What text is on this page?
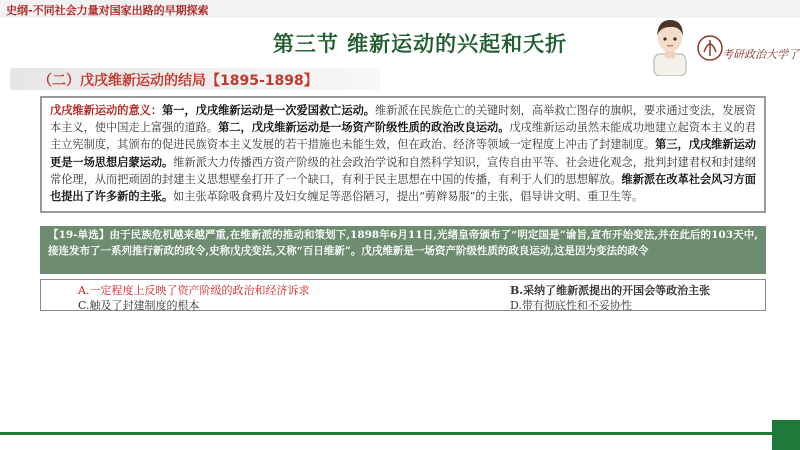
史纲-不同社会力量对国家出路的早期探索
第三节 维新运动的兴起和夭折	考研政治大学了
（二）戊戌维新运动的结局【1895-1898】
戊戌维新运动的意义：第一，戊戌维新运动是一次爱国救亡运动。维新派在民族危亡的关键时刻，高举救亡图存的旗帜，要求通过变法，发展资本主义，使中国走上富强的道路。第二，戊戌维新运动是一场资产阶级性质的政治改良运动。戊戌维新运动虽然未能成功地建立起资本主义的君主立宪制度，其颁布的促进民族资本主义发展的若干措施也未能生效，但在政治、经济等领域一定程度上冲击了封建制度。第三，戊戌维新运动更是一场思想启蒙运动。维新派大力传播西方资产阶级的社会政治学说和自然科学知识，宣传自由平等、社会进化观念，批判封建君权和封建纲常伦理，从而把顽固的封建主义思想壁垒打开了一个缺口，有利于民主思想在中国的传播，有利于人们的思想解放。维新派在改革社会风习方面也提出了许多新的主张。如主张革除吸食鸦片及妇女缠足等恶俗陋习，提出“剪辫易服”的主张，倡导讲文明、重卫生等。
【19-单选】由于民族危机越来越严重,在维新派的推动和策划下,1898年6月11日,光绪皇帝颁布了“明定国是”谕旨,宣布开始变法,并在此后的103天中,接连发布了一系列推行新政的政令,史称戊戌变法,又称“百日维新”。戊戌维新是一场资产阶级性质的政良运动,这是因为变法的政令
A.一定程度上反映了资产阶级的政治和经济诉求	B.采纳了维新派提出的开国会等政治主张
C.触及了封建制度的根本	D.带有彻底性和不妥协性
